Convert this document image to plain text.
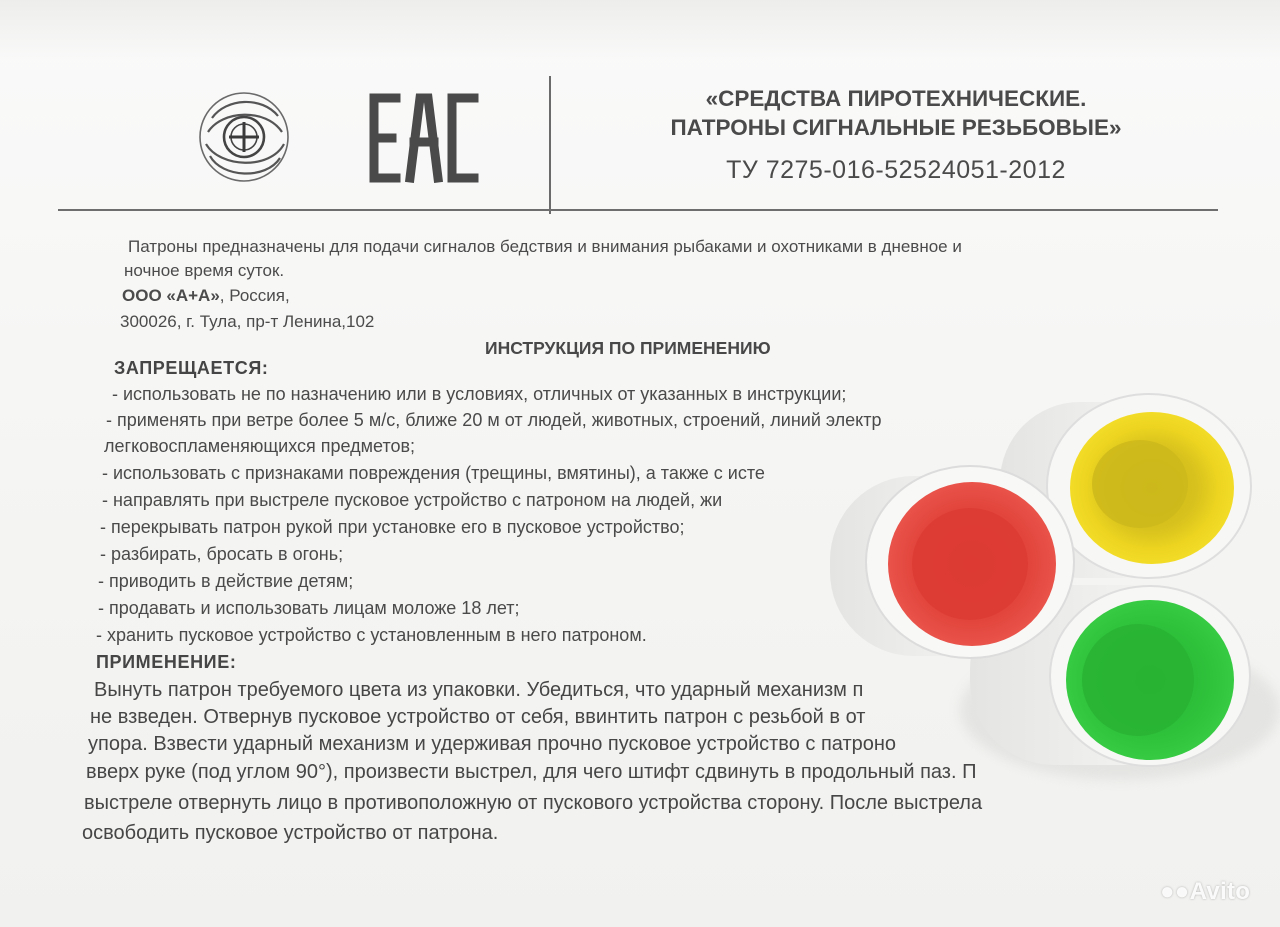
«СРЕДСТВА ПИРОТЕХНИЧЕСКИЕ.
ПАТРОНЫ СИГНАЛЬНЫЕ РЕЗЬБОВЫЕ»
ТУ 7275-016-52524051-2012
Патроны предназначены для подачи сигналов бедствия и внимания рыбаками и охотниками в дневное и
ночное время суток.
ООО «А+А», Россия,
300026, г. Тула, пр-т Ленина,102
ИНСТРУКЦИЯ ПО ПРИМЕНЕНИЮ
ЗАПРЕЩАЕТСЯ:
- использовать не по назначению или в условиях, отличных от указанных в инструкции;
- применять при ветре более 5 м/с, ближе 20 м от людей, животных, строений, линий электр
легковоспламеняющихся предметов;
- использовать с признаками повреждения (трещины, вмятины), а также с исте
- направлять при выстреле пусковое устройство с патроном на людей, жи
- перекрывать патрон рукой при установке его в пусковое устройство;
- разбирать, бросать в огонь;
- приводить в действие детям;
- продавать и использовать лицам моложе 18 лет;
- хранить пусковое устройство с установленным в него патроном.
ПРИМЕНЕНИЕ:
Вынуть патрон требуемого цвета из упаковки. Убедиться, что ударный механизм п
не взведен. Отвернув пусковое устройство от себя, ввинтить патрон с резьбой в от
упора. Взвести ударный механизм и удерживая прочно пусковое устройство с патроно
вверх руке (под углом 90°), произвести выстрел, для чего штифт сдвинуть в продольный паз. П
выстреле отвернуть лицо в противоположную от пускового устройства сторону. После выстрела
освободить пусковое устройство от патрона.
●●Avito
